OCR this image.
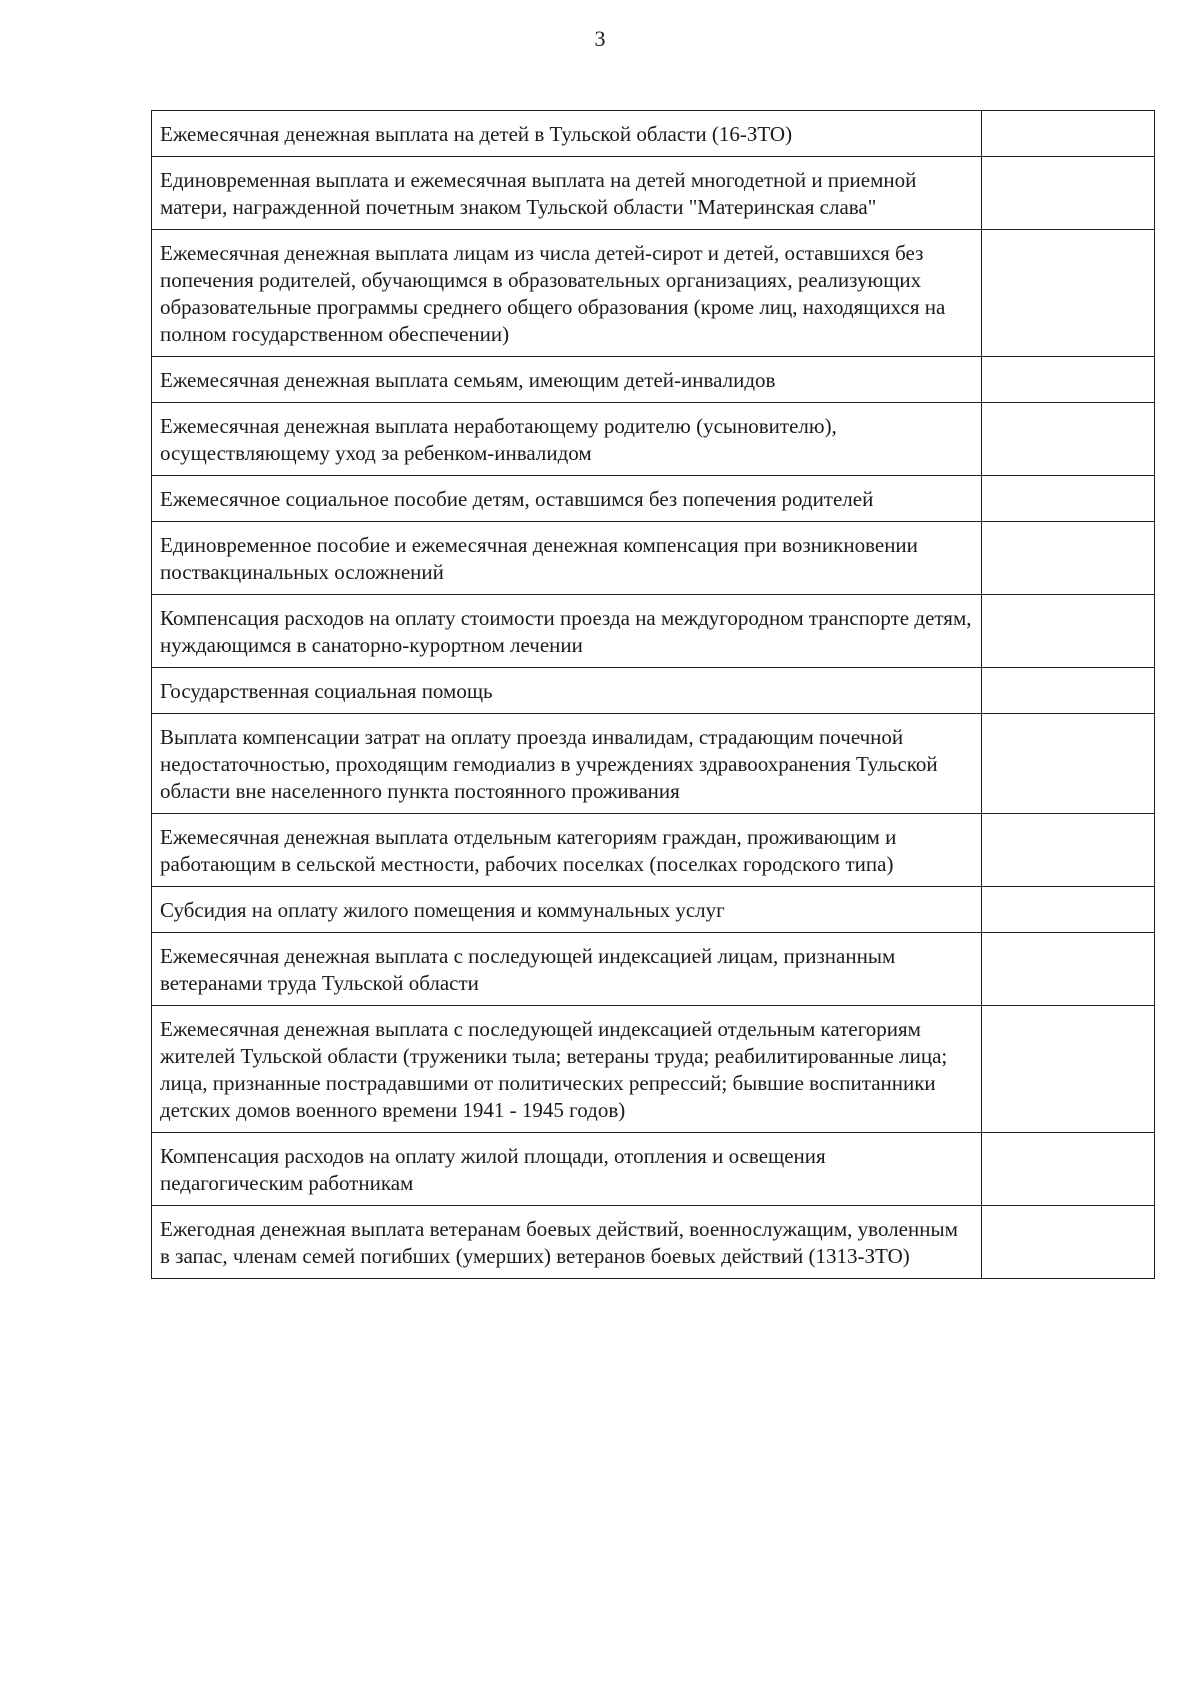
3
Ежемесячная денежная выплата на детей в Тульской области (16-ЗТО)	
Единовременная выплата и ежемесячная выплата на детей многодетной и приемной матери, награжденной почетным знаком Тульской области "Материнская слава"	
Ежемесячная денежная выплата лицам из числа детей-сирот и детей, оставшихся без попечения родителей, обучающимся в образовательных организациях, реализующих образовательные программы среднего общего образования (кроме лиц, находящихся на полном государственном обеспечении)	
Ежемесячная денежная выплата семьям, имеющим детей-инвалидов	
Ежемесячная денежная выплата неработающему родителю (усыновителю), осуществляющему уход за ребенком-инвалидом	
Ежемесячное социальное пособие детям, оставшимся без попечения родителей	
Единовременное пособие и ежемесячная денежная компенсация при возникновении поствакцинальных осложнений	
Компенсация расходов на оплату стоимости проезда на междугородном транспорте детям, нуждающимся в санаторно-курортном лечении	
Государственная социальная помощь	
Выплата компенсации затрат на оплату проезда инвалидам, страдающим почечной недостаточностью, проходящим гемодиализ в учреждениях здравоохранения Тульской области вне населенного пункта постоянного проживания	
Ежемесячная денежная выплата отдельным категориям граждан, проживающим и работающим в сельской местности, рабочих поселках (поселках городского типа)	
Субсидия на оплату жилого помещения и коммунальных услуг	
Ежемесячная денежная выплата с последующей индексацией лицам, признанным ветеранами труда Тульской области	
Ежемесячная денежная выплата с последующей индексацией отдельным категориям жителей Тульской области (труженики тыла; ветераны труда; реабилитированные лица; лица, признанные пострадавшими от политических репрессий; бывшие воспитанники детских домов военного времени 1941 - 1945 годов)	
Компенсация расходов на оплату жилой площади, отопления и освещения педагогическим работникам	
Ежегодная денежная выплата ветеранам боевых действий, военнослужащим, уволенным в запас, членам семей погибших (умерших) ветеранов боевых действий (1313-ЗТО)	
